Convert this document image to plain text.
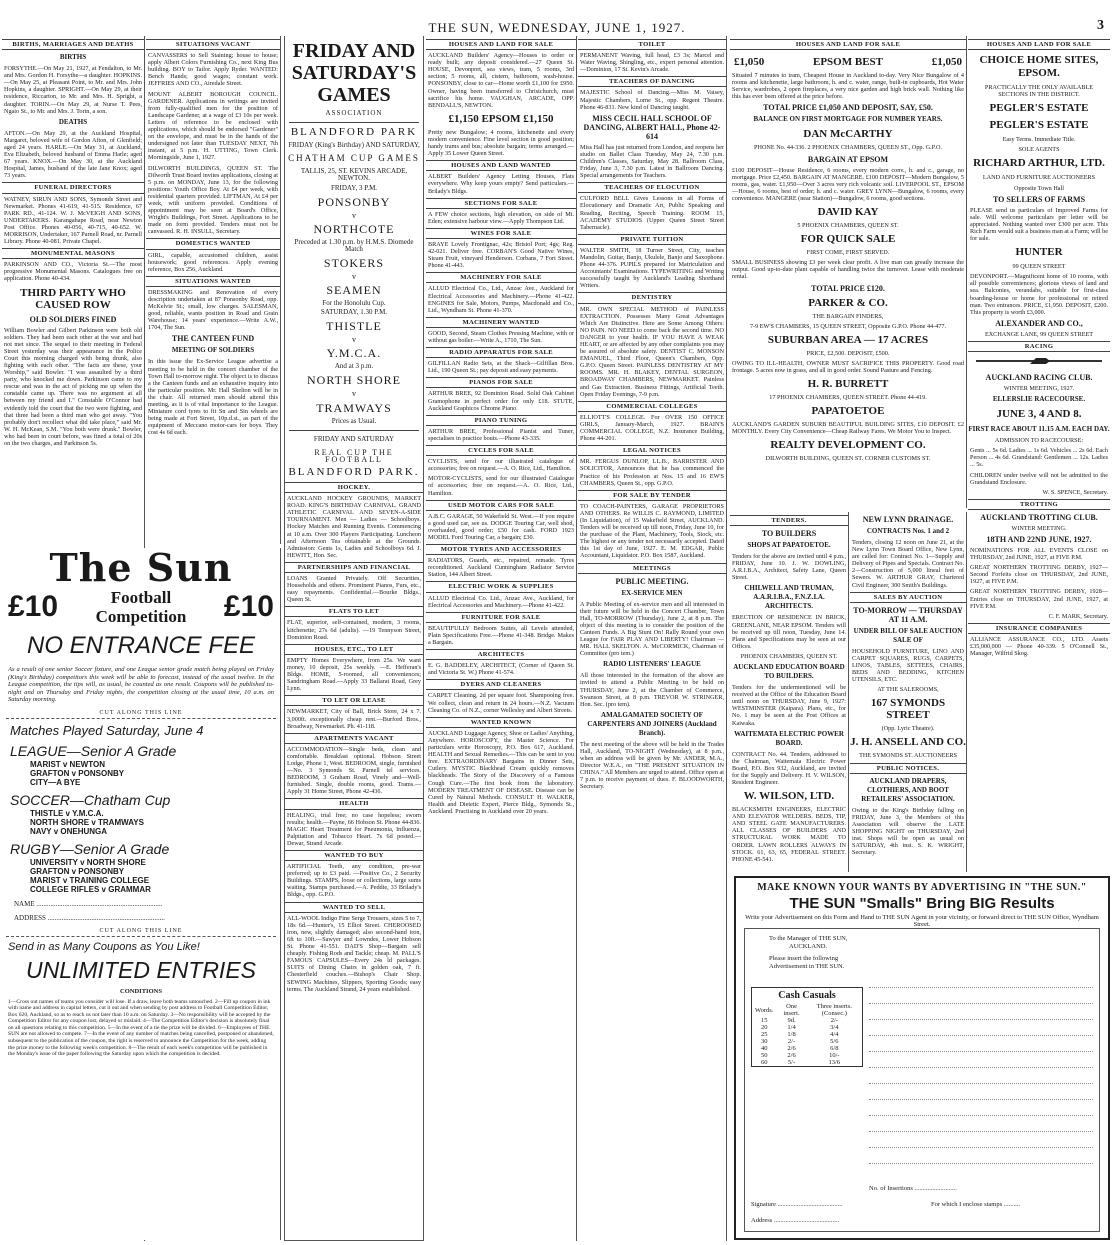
THE SUN, WEDNESDAY, JUNE 1, 1927.	3
BIRTHS, MARRIAGES AND DEATHS
BIRTHS
FORSYTHE.—On May 21, 1927, at Fendalton, to Mr. and Mrs. Gordon H. Forsythe—a daughter. HOPKINS.—On May 25, at Pleasant Point, to Mr. and Mrs. John Hopkins, a daughter. SPRIGHT.—On May 29, at their residence, Riccarton, to Mr. and Mrs. H. Spright, a daughter. TORIN.—On May 29, at Nurse T. Pees, Ngaio St., to Mr. and Mrs. J. Torin, a son.
DEATHS
AFTON.—On May 29, at the Auckland Hospital, Margaret, beloved wife of Gordon Afton, of Glenfield; aged 24 years. HARLE.—On May 31, at Auckland, Eva Elizabeth, beloved husband of Emma Harle; aged 67 years. KNOX.—On May 30, at the Auckland Hospital, James, husband of the late Jane Knox; aged 73 years.
FUNERAL DIRECTORS
WATNEY, SIRUN AND SONS, Symonds Street and Newmarket. Phones 41-619, 41-515. Residence, 67 PARK RD., 41-124. W. J. McVEIGH AND SONS, UNDERTAKERS. Karangahape Road, near Newton Post Office. Phones 40-056, 40-715, 40-652. W. MORRISON, Undertaker, 167 Parnell Road, nr. Parnell Library. Phone 40-081. Private Chapel.
MONUMENTAL MASONS
PARKINSON AND CO., Victoria St.—The most progressive Monumental Masons. Catalogues free on application. Phone 40-434.
THIRD PARTY WHO CAUSED ROW
OLD SOLDIERS FINED
William Bowler and Gilbert Parkinson were both old soldiers. They had been each other at the war and had not met since. The sequel to their meeting in Federal Street yesterday was their appearance in the Police Court this morning charged with being drunk, also fighting with each other. "The facts are these, your Worship," said Bowler. "I was assaulted by a third party, who knocked me down. Parkinson came to my rescue and was in the act of picking me up when the constable came up. There was no argument at all between my friend and I." Constable O'Connor had evidently told the court that the two were fighting, and that three had been a third man who got away. "You probably don't recollect what did take place," said Mr. W. H. McKean, S.M. "You both were drunk." Bowler, who had been in court before, was fined a total of 20s on the two charges, and Parkinson 5s.
The Sun
£10	Football
Competition £10
NO ENTRANCE FEE
As a result of one senior Soccer fixture, and one League senior grade match being played on Friday (King's Birthday) competitors this week will be able to forecast, instead of the usual twelve. In the League competition, the tips will, as usual, be counted as one result. Coupons will be published to-night and on Thursday and Friday nights, the competition closing at the usual time, 10 a.m. on Saturday morning.
CUT ALONG THIS LINE
Matches Played Saturday, June 4
LEAGUE—Senior A Grade
MARIST v NEWTON
GRAFTON v PONSONBY
CITY—A BYE
SOCCER—Chatham Cup
THISTLE v Y.M.C.A.
NORTH SHORE v TRAMWAYS
NAVY v ONEHUNGA
RUGBY—Senior A Grade
UNIVERSITY v NORTH SHORE
GRAFTON v PONSONBY
MARIST v TRAINING COLLEGE
COLLEGE RIFLES v GRAMMAR
NAME ........................................................................
ADDRESS ...................................................................
CUT ALONG THIS LINE
Send in as Many Coupons as You Like!
UNLIMITED ENTRIES
CONDITIONS
1—Cross out names of teams you consider will lose. If a draw, leave both teams untouched. 2—Fill up coupon in ink with name and address in capital letters, cut it out and when sending by post address to Football Competition Editor, Box 620, Auckland, so as to reach us not later than 10 a.m. on Saturday. 3—No responsibility will be accepted by the Competition Editor for any coupon lost, delayed or mislaid. 4—The Competition Editor's decision is absolutely final on all questions relating to this competition. 5—In the event of a tie the prize will be divided. 6—Employees of THE SUN are not allowed to compete. 7—In the event of any number of matches being cancelled, postponed or abandoned, subsequent to the publication of the coupon, the right is reserved to announce the Competition for the week, adding the prize money to the following week's competition. 8—The result of each week's competition will be published in the Monday's issue of the paper following the Saturday upon which the competition is decided.
SITUATIONS VACANT
CANVASSERS to Sell Staining; house to house; apply Albert Colors Furnishing Co., next King Bus building. BOY to Tailor. Apply Ryder. WANTED: Bench Hands; good wages; constant work. JEFFRIES AND CO., Airedale Street.
MOUNT ALBERT BOROUGH COUNCIL. GARDENER. Applications in writings are invited from fully-qualified men for the position of Landscape Gardener, at a wage of £3 10s per week. Letters of reference to be enclosed with applications, which should be endorsed "Gardener" on the envelope, and must be in the hands of the undersigned not later than TUESDAY NEXT, 7th instant, at 5 p.m. H. UTTING, Town Clerk. Morningside, June 1, 1927.
DILWORTH BUILDINGS, QUEEN ST. The Dilworth Trust Board invites applications, closing at 5 p.m. on MONDAY, June 13, for the following positions: Youth Office Boy. At £4 per week, with residential quarters provided. LIFTMAN, At £4 per week, with uniform provided. Conditions of appointment may be seen at Board's Office, Wright's Buildings, Fort Street. Applications to be made on form provided. Tenders must not be canvassed. R. H. INSULL, Secretary.
DOMESTICS WANTED
GIRL, capable, accustomed children, assist housework; good references. Apply evening reference, Box 256, Auckland.
SITUATIONS WANTED
DRESSMAKING and Renovation of every description undertaken at 87 Ponsonby Road, opp. McKelvie St.; small, low charges. SALESMAN, good, reliable, wants position in Road and Grain Warehouse; 14 years' experience.—Write A.W., 1704, The Sun.
THE CANTEEN FUND
MEETING OF SOLDIERS
In this issue the Ex-Service League advertise a meeting to be held in the concert chamber of the Town Hall to-morrow night. The object is to discuss a the Canteen funds and an exhaustive inquiry into the particular position. Mr. Hall Skelton will be in the chair. All returned men should attend this meeting, as it is of vital importance to the League. Miniature cord tyres to fit Sn and Sin wheels are being made at Fort Street, 10p.d.st., as part of the equipment of Meccano motor-cars for boys. They cost 4s 6d each.
FRIDAY AND SATURDAY'S GAMES
ASSOCIATION
BLANDFORD PARK
FRIDAY (King's Birthday) AND SATURDAY,
CHATHAM CUP GAMES
TALLIS, 25, ST. KEVINS ARCADE, NEWTON.
FRIDAY, 3 P.M.
PONSONBY
v
NORTHCOTE
Preceded at 1.30 p.m. by H.M.S. Diomede Match
STOKERS
v
SEAMEN
For the Honolulu Cup.
SATURDAY, 1.30 P.M.
THISTLE
v
Y.M.C.A.
And at 3 p.m.
NORTH SHORE
v
TRAMWAYS
Prices as Usual.
FRIDAY AND SATURDAY
REAL CUP THE FOOTBALL
BLANDFORD PARK.
HOCKEY.
AUCKLAND HOCKEY GROUNDS, MARKET ROAD. KING'S BIRTHDAY CARNIVAL. GRAND ATHLETIC CARNIVAL AND SEVEN-A-SIDE TOURNAMENT. Men — Ladies — Schoolboys. Hockey Matches and Running Events. Commencing at 10 a.m. Over 300 Players Participating. Luncheon and Afternoon Tea obtainable at the Grounds. Admission: Gents 1s, Ladies and Schoolboys 6d. J. HEWITT, Hon. Sec.
PARTNERSHIPS AND FINANCIAL
LOANS Granted Privately. Off Securities, Households and others. Prominent Pianos, Furs, etc., easy repayments. Confidential.—Bourke Bldgs., Queen St.
FLATS TO LET
FLAT, superior, self-contained, modern, 3 rooms, kitchenette; 27s 6d (adults). —19 Tennyson Street, Dominion Road.
HOUSES, ETC., TO LET
EMPTY Homes Everywhere, from 25s. We want money, 10 deposit, 25s weekly. —E. Hefferan's Bldgs. HOME, 5-roomed, all conveniences; Sandringham Road.—Apply 33 Ballarat Road, Grey Lynn.
TO LET OR LEASE
NEWMARKET, City of Ball, Brick Store, 24 x 7. 3,000ft. exceptionally cheap rent.—Burford Bros., Broadway, Newmarket. Ph. 41-118.
APARTMENTS VACANT
ACCOMMODATION—Single beds, clean and comfortable. Breakfast optional. Hobson Street Lodge, Phone 1, West. BEDROOM, single, furnished—No. 3 Symonds St. Parnell tel services. BEDROOM, 3 Graham Road, Vinely and—Well-furnished. Single, double rooms, good. Trams.—Apply 31 Home Street, Phone 42-436.
HEALTH
HEALING, trial free; no case hopeless; sworn results; health.—Payne, 66 Hobson St. Phone 44-836. MAGIC Heart Treatment for Pneumonia, Influenza, Palpitation and Tobacco Heart. 7s 6d posted.—Dewar, Strand Arcade.
WANTED TO BUY
ARTIFICIAL Teeth, any condition, pre-war preferred; up to £3 paid. —Positive Co., 2 Security Buildings. STAMPS, loose or collections, large sums waiting. Stamps purchased.—A. Peddie, 33 Brilady's Bldgs., opp. G.P.O.
WANTED TO SELL
ALL-WOOL Indigo Fine Serge Trousers, sizes 5 to 7, 18s 6d.—Hunter's, 15 Elliot Street. CHEROOSED iron, new, slightly damaged; also second-hand iron, 6ft to 10ft.—Sawyer and Lowndes, Lower Hobson St. Phone 41-551. DAD'S Shop—Bargain sell cheaply. Fishing Rods and Tackle; cheap. M. PALL'S FAMOUS CAPSULES—Every 24s ld packages. SUITS of Dining Chairs in golden oak, 7 ft. Chesterfield couches.—Bishop's Chair Shop. SEWING Machines, Slippers, Sporting Goods; easy terms. The Auckland Strand, 24 years established.
HOUSES AND LAND FOR SALE
AUCKLAND Builders' Agency—Houses to order or ready built; any deposit considered.—27 Queen St. HOUSE, Devonport, sea views, tram, 5 rooms, 3rd section; 5 rooms, all, cistern, bathroom, wash-house. PONSONBY, close to car—Home worth £1,100 for £950. Owner, having been transferred to Christchurch, must sacrifice his home. VAUGHAN, ARCADE, OPP. BENDALL'S, NEWTON.
£1,150 EPSOM £1,150
Pretty new Bungalow; 4 rooms, kitchenette and every modern convenience. Fine level section in good position; handy trams and bus; absolute bargain; terms arranged.—Apply 35 Lower Queen Street.
HOUSES AND LAND WANTED
ALBERT Builders' Agency Letting Houses, Flats everywhere. Why keep yours empty? Send particulars.—Brilady's Bldgs.
SECTIONS FOR SALE
A FEW choice sections, high elevation, on side of Mt. Eden; extensive harbour view.—Apply Thompson Ltd.
WINES FOR SALE
BRAYE Lovely Frontignac, 42s; Bristol Port; 4gs; Reg. 42-021. Deliver free. CORBAN'S Good Native Wines, Steam Fruit, vineyard Henderson. Corbans, 7 Fort Street. Phone 41-443.
MACHINERY FOR SALE
ALLUD Electrical Co., Ltd., Anzac Ave., Auckland for Electrical Accessories and Machinery.—Phone 41-422. ENGINES for Sale, Motors, Pumps, Macdonald and Co., Ltd., Wyndham St. Phone 41-370.
MACHINERY WANTED
GOOD, Second, Steam Clothes Pressing Machine, with or without gas boiler.—Write A., 1710, The Sun.
RADIO APPARATUS FOR SALE
GILFILLAN Radio Sets, at the Shack—Gilfillan Bros. Ltd., 190 Queen St.; pay deposit and easy payments.
PIANOS FOR SALE
ARTHUR BREE, 92 Dominion Road. Solid Oak Cabinet Gramophone in perfect order for only £18. STUTE, Auckland Graphicos Chrome Piano.
PIANO TUNING
ARTHUR BREE, Professional Pianist and Tuner, specialises in practice bouts.—Phone 43-335.
CYCLES FOR SALE
CYCLISTS, send for our illustrated catalogue of accessories; free on request.—A. O. Rice, Ltd., Hamilton.
MOTOR-CYCLISTS, send for our illustrated Catalogue of accessories; free on request.—A. O. Rice, Ltd., Hamilton.
USED MOTOR CARS FOR SALE
A.B.C. GARAGE, 50 Wakefield St. West.—If you require a good used car, see us. DODGE Touring Car, well shod, overhauled, good order; £50 for cash. FORD 1923 MODEL Ford Touring Car, a bargain; £30.
MOTOR TYRES AND ACCESSORIES
RADIATORS, Guards, etc., repaired, remade. Tyres reconditioned. Auckland Cunningham Radiator Service Station, 144 Albert Street.
ELECTRIC WORK & SUPPLIES
ALLUD Electrical Co. Ltd., Anzac Ave., Auckland, for Electrical Accessories and Machinery.—Phone 41-422.
FURNITURE FOR SALE
BEAUTIFULLY Bedroom Suites, all Levels attended, Plain Specifications Free.—Phone 41-348. Bridge. Makes a Bargain.
ARCHITECTS
E. G. BADDELEY, ARCHITECT, (Corner of Queen St. and Victoria St. W.) Phone 41-574.
DYERS AND CLEANERS
CARPET Cleaning, 2d per square foot. Shampooing free. We collect, clean and return in 24 hours.—N.Z. Vacuum Cleaning Co. of N.Z., corner Wellesley and Albert Streets.
WANTED KNOWN
AUCKLAND Luggage Agency, Shoe or Ladies' Anything, Anywhere. HOROSCOPY, the Master Science. For particulars write Horoscopy, P.O. Box 617, Auckland. HEALTH and Sexual Remedies.—This can be sent to you free. EXTRAORDINARY Bargains in Dinner Sets, Cutlery. MYSTIC Blackhead Cream quickly removes blackheads. The Story of the Discovery of a Famous Cough Cure.—The first book from the laboratory. MODERN TREATMENT OF DISEASE. Disease can be Cured by Natural Methods. CONSULT H. WALKER, Health and Dietetic Expert, Pierce Bldg., Symonds St., Auckland. Practising in Auckland over 20 years.
TOILET
PERMANENT Waving, full head, £3 3s; Marcel and Water Waving, Shingling, etc., expert personal attention.—Dominion, 17 St. Kevin's Arcade.
TEACHERS OF DANCING
MAJESTIC School of Dancing.—Miss M. Vaisey, Majestic Chambers, Lorne St., opp. Regent Theatre. Phone 46-831. New kind of Dancing taught.
MISS CECIL HALL SCHOOL OF DANCING, ALBERT HALL, Phone 42-614
Miss Hall has just returned from London, and reopens her studio on Ballet Class Tuesday, May 24, 7.30 p.m. Children's Classes, Saturday, May 28. Ballroom Class, Friday, June 3, 7.30 p.m. Latest in Ballroom Dancing. Special arrangements for Teachers.
TEACHERS OF ELOCUTION
CULFORD BELL Gives Lessons in all Forms of Elocutionary and Dramatic Art, Public Speaking and Reading, Reciting, Speech Training. ROOM 15, ACADEMY STUDIOS (Upper Queen Street Street Tabernacle).
PRIVATE TUITION
WALTER SMITH, 18 Turner Street, City, teaches Mandolin, Guitar, Banjo, Ukulele, Banjo and Saxophone. Phone 44-376. PUPILS prepared for Matriculation and Accountants' Examinations. TYPEWRITING and Writing successfully taught by Auckland's Leading Shorthand Writers.
DENTISTRY
MR. OWN SPECIAL METHOD of PAINLESS EXTRACTION. Possesses Many Great Advantages Which Are Distinctive. Here are Some Among Others: NO PAIN. NO NEED to come back the second time. NO DANGER to your health. IF YOU HAVE A WEAK HEART, or are affected by any other complaints you may be assured of absolute safety. DENTIST C. MONSON EMANUEL, Third Floor, Queen's Chambers, Opp. G.P.O. Queen Street. PAINLESS DENTISTRY AT MY ROOMS. MR. H. BLAKEY, DENTAL SURGEON, BROADWAY CHAMBERS, NEWMARKET. Painless and Gas Extraction. Business Fittings, Artificial Teeth. Open Friday Evenings, 7-9 p.m.
COMMERCIAL COLLEGES
ELLIOTT'S COLLEGE. For OVER 150 OFFICE GIRLS, January-March, 1927. BRAIN'S COMMERCIAL COLLEGE, N.Z. Insurance Building, Phone 44-201.
LEGAL NOTICES
MR. FERGUS DUNLOP, LL.B., BARRISTER AND SOLICITOR, Announces that he has commenced the Practice of his Profession at Nos. 15 and 16 EW'S CHAMBERS, Queen St., opp. G.P.O.
FOR SALE BY TENDER
TO COACH-PAINTERS, GARAGE PROPRIETORS AND OTHERS. Re WILLIS C. RAYMOND, LIMITED (In Liquidation), of 15 Wakefield Street, AUCKLAND. Tenders will be received up till noon, Friday, June 10, for the purchase of the Plant, Machinery, Tools, Stock, etc. The highest or any tender not necessarily accepted. Dated this 1st day of June, 1927. E. M. EDGAR, Public Accountant, Liquidator. P.O. Box 1587, Auckland.
MEETINGS
PUBLIC MEETING.
EX-SERVICE MEN
A Public Meeting of ex-service men and all interested in their future will be held in the Concert Chamber, Town Hall, TO-MORROW (Thursday), June 2, at 8 p.m. The object of this meeting is to consider the position of the Canteen Funds. A Big Stunt On! Rally Round your own League for FAIR PLAY AND LIBERTY! Chairman — MR. HALL SKELTON. A. McCORMICK, Chairman of Committee (pro tem.)
RADIO LISTENERS' LEAGUE
All those interested in the formation of the above are invited to attend a Public Meeting to be held on THURSDAY, June 2, at the Chamber of Commerce, Swanson Street, at 8 p.m. TREVOR W. STRINGER, Hon. Sec. (pro tem).
AMALGAMATED SOCIETY OF CARPENTERS AND JOINERS (Auckland Branch).
The next meeting of the above will be held in the Trades Hall, Auckland, TO-NIGHT (Wednesday), at 8 p.m., when an address will be given by Mr. ANDER, M.A., Director W.E.A., on "THE PRESENT SITUATION IN CHINA." All Members are urged to attend. Office open at 7 p.m. to receive payment of dues. F. BLOODWORTH, Secretary.
HOUSES AND LAND FOR SALE
£1,050	EPSOM BEST	£1,050
Situated 7 minutes to tram, Cheapest House in Auckland to-day. Very Nice Bungalow of 4 rooms and kitchenette, large bathroom, h. and c. water, range, built-in cupboards, Hot Water Service, wardrobes, 2 open fireplaces, a very nice garden and high brick wall. Nothing like this has ever been offered at the price before.
TOTAL PRICE £1,050 AND DEPOSIT, SAY, £50.
BALANCE ON FIRST MORTGAGE FOR NUMBER YEARS.
DAN McCARTHY
PHONE No. 44-336. 2 PHOENIX CHAMBERS, QUEEN ST., Opp. G.P.O.
BARGAIN AT EPSOM
£100 DEPOSIT—House Residence, 6 rooms, every modern conv., h. and c., garage, no mortgage. Price £2,450. BARGAIN AT MANGERE. £100 DEPOSIT—Modern Bungalow, 5 rooms, gas, water. £1,950—Over 3 acres very rich volcanic soil. LIVERPOOL ST., EPSOM—House, 6 rooms, best of order; h. and c. water. GREY LYNN—Bungalow, 6 rooms, every convenience. MANGERE (near Station)—Bungalow, 6 rooms, good sections.
DAVID KAY
5 PHOENIX CHAMBERS, QUEEN ST.
FOR QUICK SALE
FIRST COME, FIRST SERVED.
SMALL BUSINESS showing £3 per week clear profit. A live man can greatly increase the output. Good up-to-date plant capable of handling twice the turnover. Lease with moderate rental.
TOTAL PRICE £120.
PARKER & CO.
THE BARGAIN FINDERS,
7-9 EW'S CHAMBERS, 15 QUEEN STREET, Opposite G.P.O. Phone 44-477.
SUBURBAN AREA — 17 ACRES
PRICE, £2,500. DEPOSIT, £500.
OWING TO ILL-HEALTH, OWNER MUST SACRIFICE THIS PROPERTY. Good road frontage. 5 acres now in grass, and all in good order. Sound Pasture and Fencing.
H. R. BURRETT
17 PHOENIX CHAMBERS, QUEEN STREET. Phone 44-419.
PAPATOETOE
AUCKLAND'S GARDEN SUBURB BEAUTIFUL BUILDING SITES, £10 DEPOSIT. £2 MONTHLY. Every City Convenience—Cheap Railway Fares. We Motor You to Inspect.
REALTY DEVELOPMENT CO.
DILWORTH BUILDING, QUEEN ST. CORNER CUSTOMS ST.
TENDERS.
TO BUILDERS
SHOPS AT PAPATOETOE.
Tenders for the above are invited until 4 p.m., FRIDAY, June 10. J. W. DOWLING, A.R.I.B.A., Architect, Safety Lane, Queen Street.
CHILWELL AND TRUMAN, A.A.R.I.B.A., F.N.Z.I.A. ARCHITECTS.
ERECTION OF RESIDENCE IN BRICK, GREENLANE, NEAR EPSOM. Tenders will be received up till noon, Tuesday, June 14. Plans and Specifications may be seen at our Offices.
PHOENIX CHAMBERS, QUEEN ST.
AUCKLAND EDUCATION BOARD TO BUILDERS.
Tenders for the undermentioned will be received at the Office of the Education Board until noon on THURSDAY, June 9, 1927: WESTMINSTER (Kaipara). Plans, etc., for No. 1 may be seen at the Post Offices at Kaiwaka.
WAITEMATA ELECTRIC POWER BOARD.
CONTRACT No. 44. Tenders, addressed to the Chairman, Waitemata Electric Power Board, P.O. Box 932, Auckland, are invited for the Supply and Delivery. H. V. WILSON, Resident Engineer.
W. WILSON, LTD.
BLACKSMITH ENGINEERS, ELECTRIC AND ELEVATOR WELDERS. BEDS, TIP, AND STEEL GATE MANUFACTURERS. ALL CLASSES OF BUILDERS AND STRUCTURAL WORK MADE TO ORDER. LAWN ROLLERS ALWAYS IN STOCK. 61, 63, 65, FEDERAL STREET. PHONE 45-541.
NEW LYNN DRAINAGE.
CONTRACTS Nos. 1 and 2
Tenders, closing 12 noon on June 21, at the New Lynn Town Board Office, New Lynn, are called for: Contract No. 1—Supply and Delivery of Pipes and Specials. Contract No. 2—Construction of 5,000 lineal feet of Sewers. W. ARTHUR GRAY, Chartered Civil Engineer, 300 Smith's Buildings.
SALES BY AUCTION
TO-MORROW — THURSDAY AT 11 A.M.
UNDER BILL OF SALE AUCTION SALE OF
HOUSEHOLD FURNITURE, LINO AND CARPET SQUARES, RUGS, CARPETS, LINOS, TABLES, SETTEES, CHAIRS, BEDS AND BEDDING, KITCHEN UTENSILS, ETC.
AT THE SALEROOMS,
167 SYMONDS STREET
(Opp. Lyric Theatre).
J. H. ANSELL AND CO.
THE SYMONDS ST. AUCTIONEERS
PUBLIC NOTICES.
AUCKLAND DRAPERS, CLOTHIERS, AND BOOT RETAILERS' ASSOCIATION.
Owing to the King's Birthday falling on FRIDAY, June 3, the Members of this Association will observe the LATE SHOPPING NIGHT on THURSDAY, 2nd inst. Shops will be open as usual on SATURDAY, 4th inst. S. K. WRIGHT, Secretary.
HOUSES AND LAND FOR SALE
CHOICE HOME SITES, EPSOM.
PRACTICALLY THE ONLY AVAILABLE SECTIONS IN THE DISTRICT.
PEGLER'S ESTATE
PEGLER'S ESTATE
Easy Terms. Immediate Title.
SOLE AGENTS
RICHARD ARTHUR, LTD.
LAND AND FURNITURE AUCTIONEERS
Opposite Town Hall
TO SELLERS OF FARMS
PLEASE send us particulars of Improved Farms for sale. Will welcome particulars per letter will be appreciated. Nothing wanted over £300 per acre. This Rich Farm would suit a business man at a Farm; will be for sale.
HUNTER
99 QUEEN STREET
DEVONPORT.—Magnificent home of 10 rooms, with all possible conveniences; glorious views of land and sea. Balconies, verandahs, suitable for first-class boarding-house or home for professional or retired man. Two entrances. PRICE, £1,950. DEPOSIT, £200. This property is worth £3,000.
ALEXANDER AND CO.,
EXCHANGE LANE, 99 QUEEN STREET
RACING
AUCKLAND RACING CLUB.
WINTER MEETING, 1927.
ELLERSLIE RACECOURSE.
JUNE 3, 4 AND 8.
FIRST RACE ABOUT 11.15 A.M. EACH DAY.
ADMISSION TO RACECOURSE:
Gents ... 5s 6d. Ladies ... 1s 6d. Vehicles ... 2s 6d. Each Person ... 4s 6d. Grandstand: Gentlemen ... 12s. Ladies ... 5s.
CHILDREN under twelve will not be admitted to the Grandstand Enclosure.
W. S. SPENCE, Secretary.
TROTTING
AUCKLAND TROTTING CLUB.
WINTER MEETING.
18TH AND 22ND JUNE, 1927.
NOMINATIONS FOR ALL EVENTS CLOSE on THURSDAY, 2nd JUNE, 1927, at FIVE P.M.
GREAT NORTHERN TROTTING DERBY, 1927—Second Forfeits close on THURSDAY, 2nd JUNE, 1927, at FIVE P.M.
GREAT NORTHERN TROTTING DERBY, 1928—Entries close on THURSDAY, 2nd JUNE, 1927, at FIVE P.M.
C. F. MARK, Secretary.
INSURANCE COMPANIES
ALLIANCE ASSURANCE CO., LTD. Assets £35,000,000 — Phone 40-339. 5 O'Connell St., Manager, Wilfrid Skog.
MAKE KNOWN YOUR WANTS BY ADVERTISING IN "THE SUN."
THE SUN "Smalls" Bring BIG Results
Write your Advertisement on this Form and Hand to THE SUN Agent in your vicinity, or forward direct to THE SUN Office, Wyndham Street.
To the Manager of THE SUN,
AUCKLAND.
Please insert the following Advertisement in THE SUN.
Cash Casuals
Words.	One insert.	Three inserts. (Consec.)
15	9d.	2/-
20	1/4	3/4
25	1/8	4/4
30	2/-	5/6
40	2/6	6/8
50	2/6	10/-
60	5/-	13/6
No. of Insertions ..........................
Signature ........................................	For which I enclose stamps ..........
Address ........................................
